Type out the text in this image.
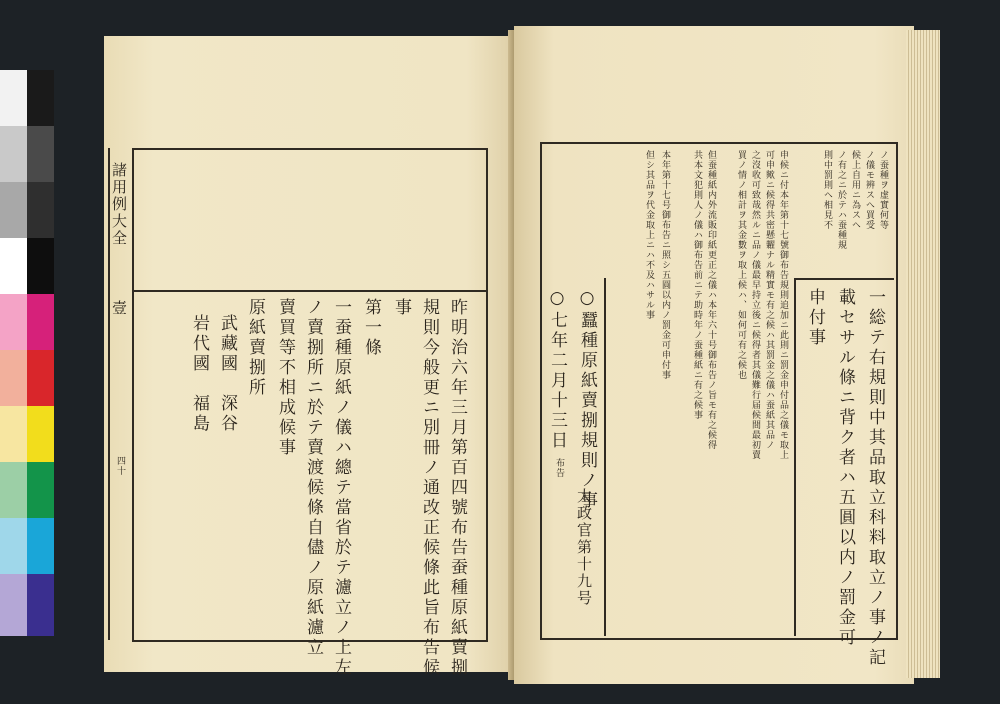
諸用例大全
壹
四十	昨明治六年三月第百四號布告蚕種原紙賣捌
規則今般更ニ別冊ノ通改正候條此旨布告候
事
第一條
一蚕種原紙ノ儀ハ總テ當省於テ濾立ノ上左
ノ賣捌所ニ於テ賣渡候條自儘ノ原紙濾立
賣買等不相成候事
原紙賣捌所
武藏國　深谷
岩代國　福島	一総テ右規則中其品取立科料取立ノ事ノ記
載セサル條ニ背ク者ハ五圓以内ノ罰金可
申付事
ノ蚕種ヲ虚實何等
ノ儀モ辨スへ買受
候上自用ニ為スヘ
ノ有之ニ於テハ蚕種規
則中罰則ヘ相見不
申候ニ付本年第十七號御布告規則追加ニ此則ニ罰金申付品之儀モ取上
可申歟ニ候得共密懸糶ナル精實モ有之候ハ其罰金之儀ハ蚕紙其品ノ
之沒收可致哉然ルニ品ノ儀最早持立後ニ候得者其儀難行届候間最初賣
買ノ情ノ相計ヲ其金數ヲ取上候ハ、如何可有之候也
但蚕種紙内外流販印紙更正之儀ハ本年六十号御布告ノ旨モ有之候得
共本文犯則人ノ儀ハ御布告前ニテ助時年ノ蚕種紙ニ有之候事
本年第十七号御布告ニ照シ五圓以内ノ罰金可申付事
但シ其品ヲ代金取上ニハ不及ハサル事
○蠶種原紙賣捌規則ノ事
○七年二月十三日
太政官第十九号
布告
